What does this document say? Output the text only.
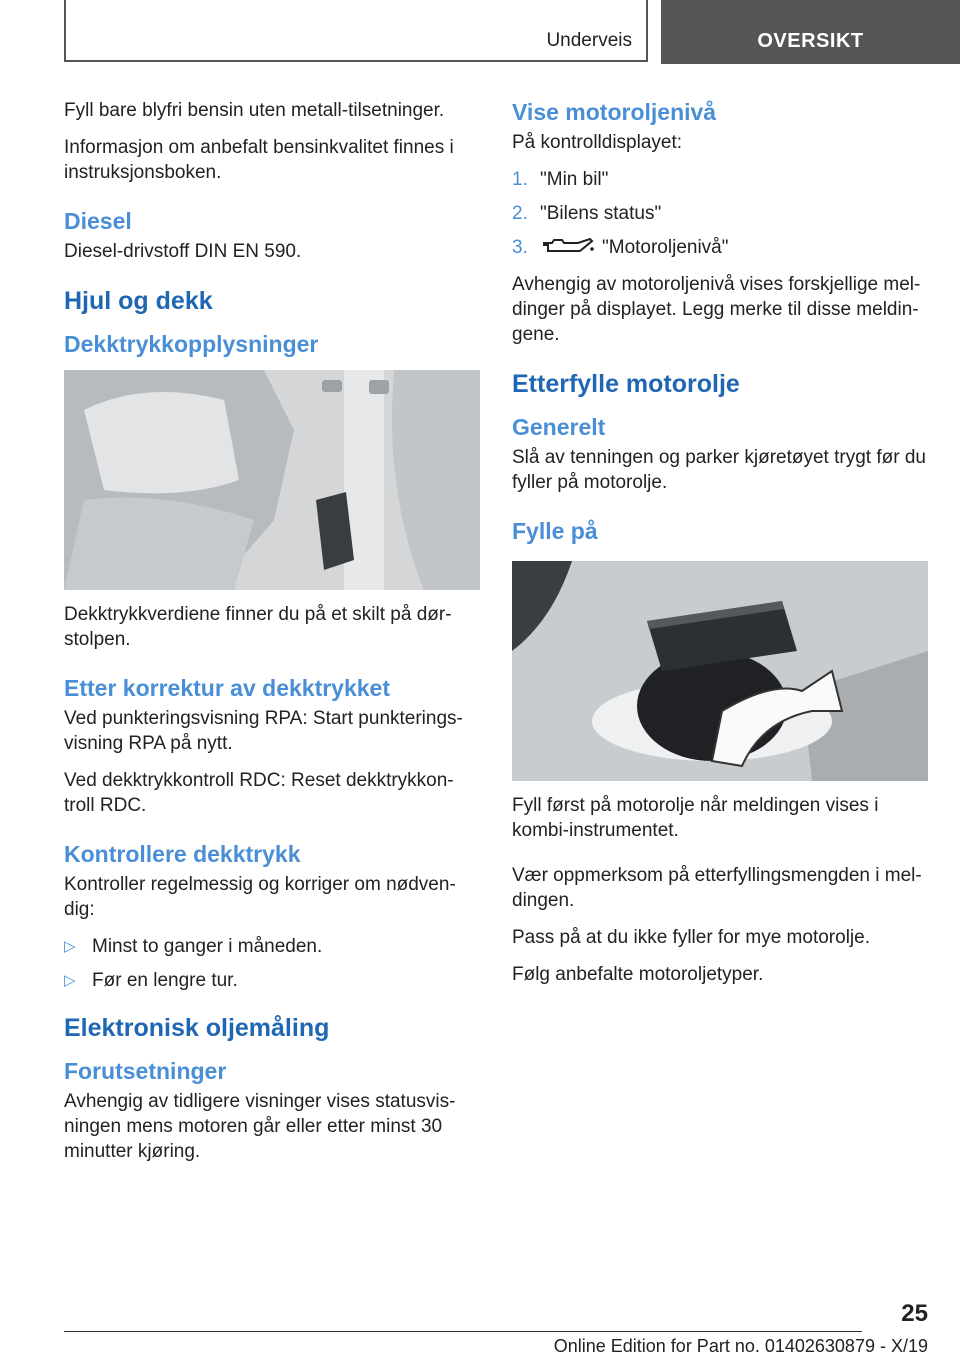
Underveis	OVERSIKT

Fyll bare blyfri bensin uten metall-tilsetninger.

Informasjon om anbefalt bensinkvalitet finnes i instruksjonsboken.

Diesel

Diesel-drivstoff DIN EN 590.

Hjul og dekk
Dekktrykkopplysninger

Dekktrykkverdiene finner du på et skilt på dør-stolpen.

Etter korrektur av dekktrykket

Ved punkteringsvisning RPA: Start punkterings-visning RPA på nytt.

Ved dekktrykkontroll RDC: Reset dekktrykkon-troll RDC.

Kontrollere dekktrykk

Kontroller regelmessig og korriger om nødven-dig:

▷ Minst to ganger i måneden.
▷ Før en lengre tur.
Elektronisk oljemåling
Forutsetninger

Avhengig av tidligere visninger vises statusvis-ningen mens motoren går eller etter minst 30 minutter kjøring.

Vise motoroljenivå

På kontrolldisplayet:

1. "Min bil"
2. "Bilens status"
3.	"Motoroljenivå"

Avhengig av motoroljenivå vises forskjellige mel-dinger på displayet. Legg merke til disse meldin-gene.

Etterfylle motorolje
Generelt

Slå av tenningen og parker kjøretøyet trygt før du fyller på motorolje.

Fylle på

Fyll først på motorolje når meldingen vises i kombi-instrumentet.

Vær oppmerksom på etterfyllingsmengden i mel-dingen.

Pass på at du ikke fyller for mye motorolje.

Følg anbefalte motoroljetyper.

25
Online Edition for Part no. 01402630879 - X/19
